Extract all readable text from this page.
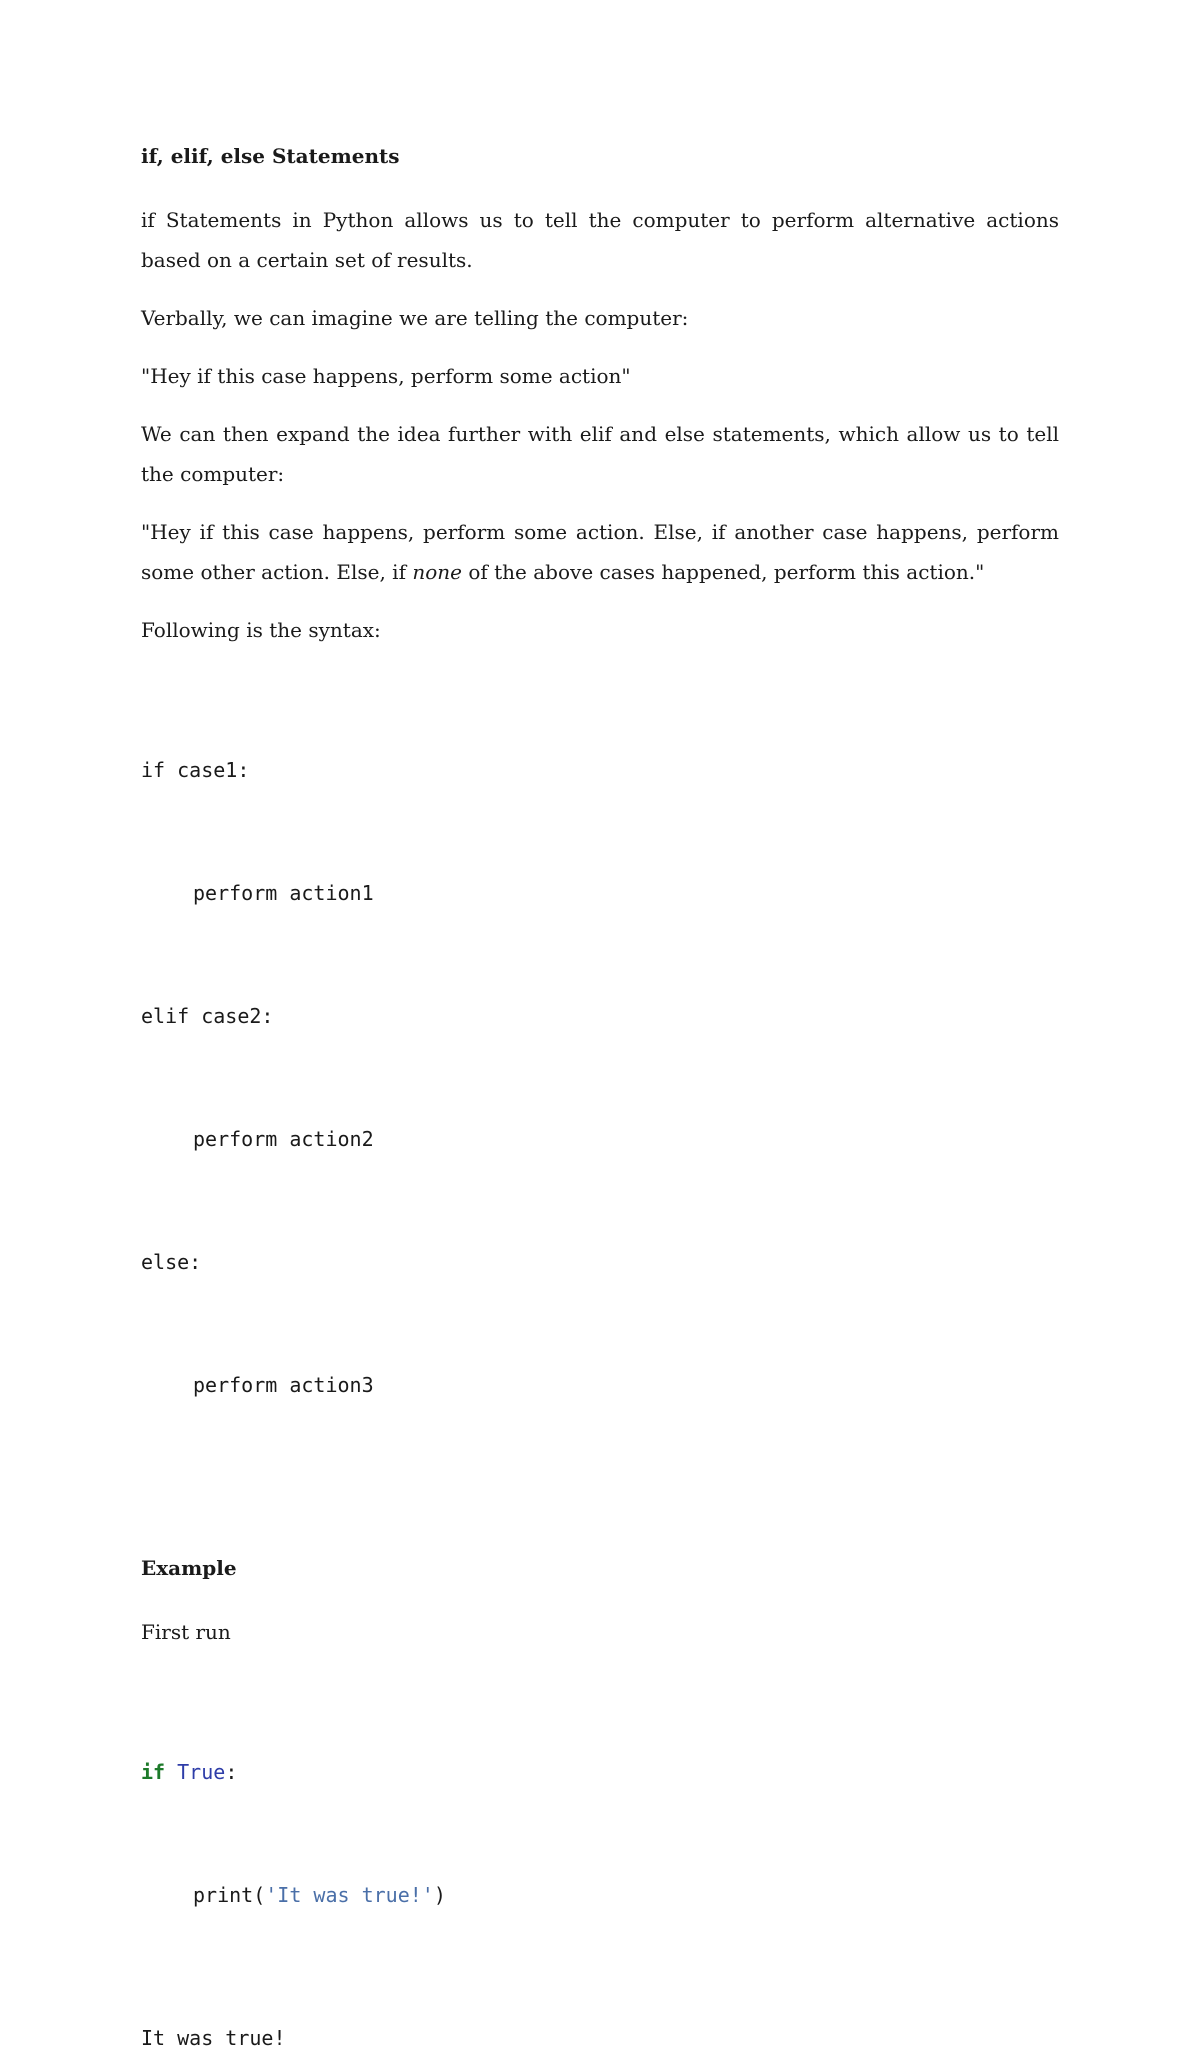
if, elif, else Statements
if Statements in Python allows us to tell the computer to perform alternative actions based on a certain set of results.
Verbally, we can imagine we are telling the computer:
"Hey if this case happens, perform some action"
We can then expand the idea further with elif and else statements, which allow us to tell the computer:
"Hey if this case happens, perform some action. Else, if another case happens, perform some other action. Else, if none of the above cases happened, perform this action."
Following is the syntax:

if case1:

perform action1

elif case2:

perform action2

else:

perform action3

Example
First run

if True:

print('It was true!')

It was true!
